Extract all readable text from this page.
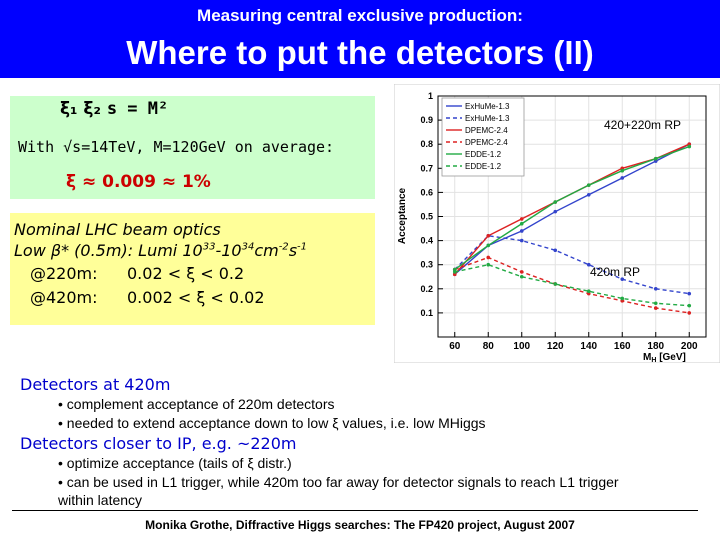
Measuring central exclusive production:
Where to put the detectors (II)
ξ₁ ξ₂ s = M²
With √s=14TeV, M=120GeV on average:
ξ ≈ 0.009 ≈ 1%
Nominal LHC beam optics
Low β* (0.5m): Lumi $10^{33}-10^{34}cm^{-2}s^{-1}$
@220m: 0.02 < ξ < 0.2
@420m: 0.002 < ξ < 0.02
0.1
0.2
0.3
0.4
0.5
0.6
0.7
0.8
0.9
1
60 80 100 120 140 160 180 200
ExHuMe-1.3
ExHuMe-1.3
DPEMC-2.4
DPEMC-2.4
EDDE-1.2
EDDE-1.2
Acceptance
$M_H$ [GeV]
420+220m RP
420m RP
Detectors at 420m
• complement acceptance of 220m detectors
• needed to extend acceptance down to low ξ values, i.e. low MHiggs
Detectors closer to IP, e.g. ~220m
• optimize acceptance (tails of ξ distr.)
• can be used in L1 trigger, while 420m too far away for detector signals to reach L1 trigger
within latency
Monika Grothe, Diffractive Higgs searches: The FP420 project, August 2007
